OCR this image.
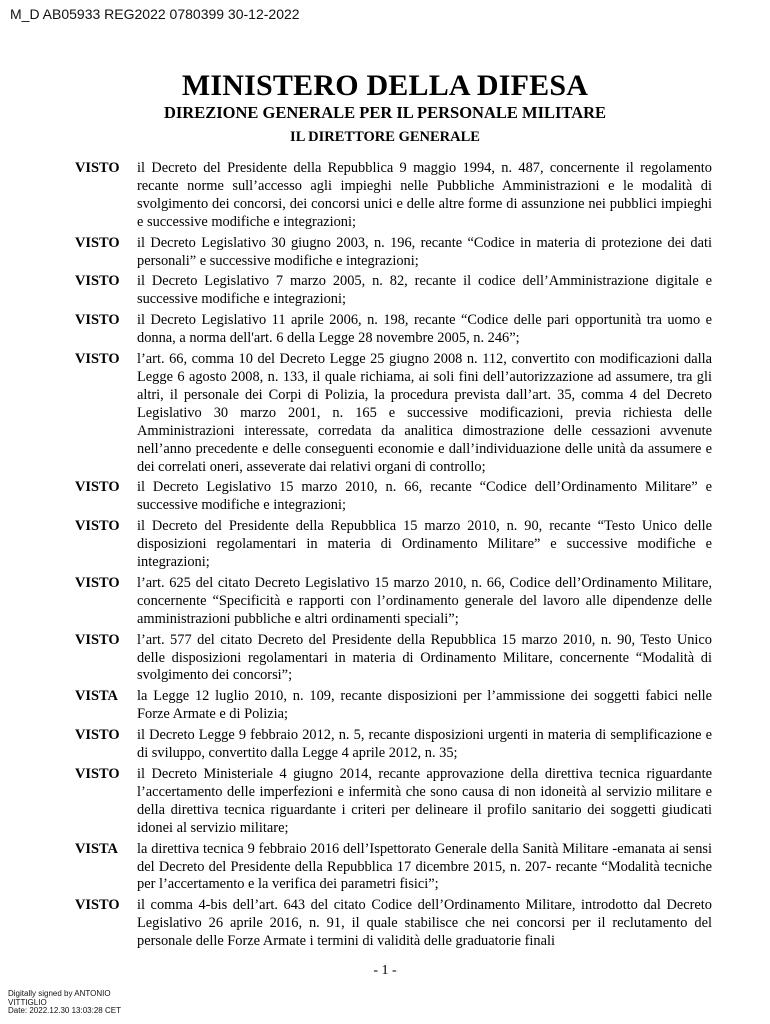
M_D AB05933 REG2022 0780399 30-12-2022
MINISTERO DELLA DIFESA
DIREZIONE GENERALE PER IL PERSONALE MILITARE
IL DIRETTORE GENERALE
VISTO	il Decreto del Presidente della Repubblica 9 maggio 1994, n. 487, concernente il regolamento recante norme sull’accesso agli impieghi nelle Pubbliche Amministrazioni e le modalità di svolgimento dei concorsi, dei concorsi unici e delle altre forme di assunzione nei pubblici impieghi e successive modifiche e integrazioni;
VISTO	il Decreto Legislativo 30 giugno 2003, n. 196, recante “Codice in materia di protezione dei dati personali” e successive modifiche e integrazioni;
VISTO	il Decreto Legislativo 7 marzo 2005, n. 82, recante il codice dell’Amministrazione digitale e successive modifiche e integrazioni;
VISTO	il Decreto Legislativo 11 aprile 2006, n. 198, recante “Codice delle pari opportunità tra uomo e donna, a norma dell'art. 6 della Legge 28 novembre 2005, n. 246”;
VISTO	l’art. 66, comma 10 del Decreto Legge 25 giugno 2008 n. 112, convertito con modificazioni dalla Legge 6 agosto 2008, n. 133, il quale richiama, ai soli fini dell’autorizzazione ad assumere, tra gli altri, il personale dei Corpi di Polizia, la procedura prevista dall’art. 35, comma 4 del Decreto Legislativo 30 marzo 2001, n. 165 e successive modificazioni, previa richiesta delle Amministrazioni interessate, corredata da analitica dimostrazione delle cessazioni avvenute nell’anno precedente e delle conseguenti economie e dall’individuazione delle unità da assumere e dei correlati oneri, asseverate dai relativi organi di controllo;
VISTO	il Decreto Legislativo 15 marzo 2010, n. 66, recante “Codice dell’Ordinamento Militare” e successive modifiche e integrazioni;
VISTO	il Decreto del Presidente della Repubblica 15 marzo 2010, n. 90, recante “Testo Unico delle disposizioni regolamentari in materia di Ordinamento Militare” e successive modifiche e integrazioni;
VISTO	l’art. 625 del citato Decreto Legislativo 15 marzo 2010, n. 66, Codice dell’Ordinamento Militare, concernente “Specificità e rapporti con l’ordinamento generale del lavoro alle dipendenze delle amministrazioni pubbliche e altri ordinamenti speciali”;
VISTO	l’art. 577 del citato Decreto del Presidente della Repubblica 15 marzo 2010, n. 90, Testo Unico delle disposizioni regolamentari in materia di Ordinamento Militare, concernente “Modalità di svolgimento dei concorsi”;
VISTA	la Legge 12 luglio 2010, n. 109, recante disposizioni per l’ammissione dei soggetti fabici nelle Forze Armate e di Polizia;
VISTO	il Decreto Legge 9 febbraio 2012, n. 5, recante disposizioni urgenti in materia di semplificazione e di sviluppo, convertito dalla Legge 4 aprile 2012, n. 35;
VISTO	il Decreto Ministeriale 4 giugno 2014, recante approvazione della direttiva tecnica riguardante l’accertamento delle imperfezioni e infermità che sono causa di non idoneità al servizio militare e della direttiva tecnica riguardante i criteri per delineare il profilo sanitario dei soggetti giudicati idonei al servizio militare;
VISTA	la direttiva tecnica 9 febbraio 2016 dell’Ispettorato Generale della Sanità Militare -emanata ai sensi del Decreto del Presidente della Repubblica 17 dicembre 2015, n. 207- recante “Modalità tecniche per l’accertamento e la verifica dei parametri fisici”;
VISTO	il comma 4-bis dell’art. 643 del citato Codice dell’Ordinamento Militare, introdotto dal Decreto Legislativo 26 aprile 2016, n. 91, il quale stabilisce che nei concorsi per il reclutamento del personale delle Forze Armate i termini di validità delle graduatorie finali
- 1 -
Digitally signed by ANTONIO
VITTIGLIO
Date: 2022.12.30 13:03:28 CET
